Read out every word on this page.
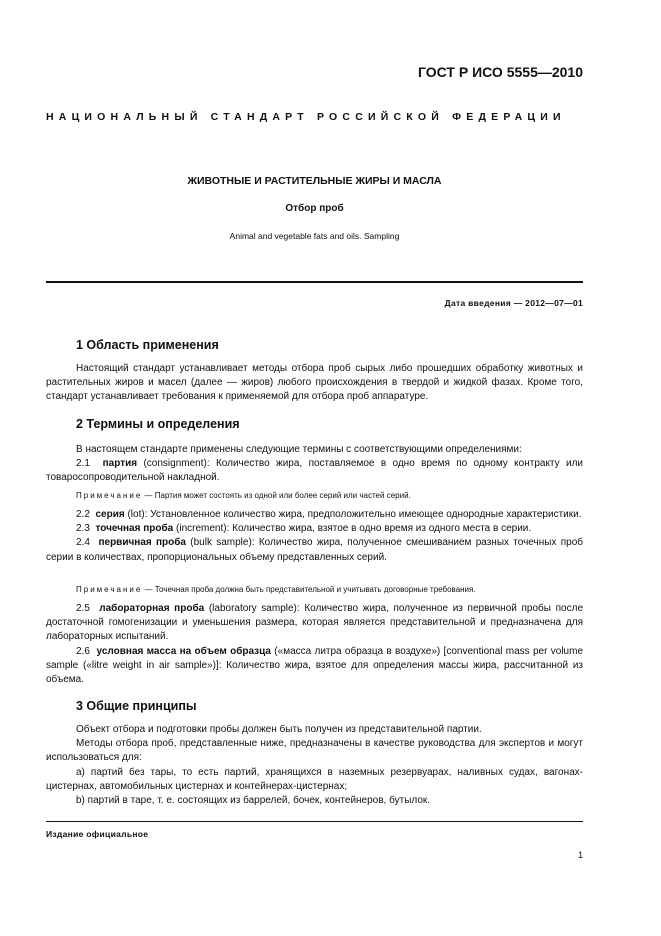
ГОСТ Р ИСО 5555—2010
НАЦИОНАЛЬНЫЙ СТАНДАРТ РОССИЙСКОЙ ФЕДЕРАЦИИ
ЖИВОТНЫЕ И РАСТИТЕЛЬНЫЕ ЖИРЫ И МАСЛА
Отбор проб
Animal and vegetable fats and oils. Sampling
Дата введения — 2012—07—01
1 Область применения

Настоящий стандарт устанавливает методы отбора проб сырых либо прошедших обработку животных и растительных жиров и масел (далее — жиров) любого происхождения в твердой и жидкой фазах. Кроме того, стандарт устанавливает требования к применяемой для отбора проб аппаратуре.

2 Термины и определения

В настоящем стандарте применены следующие термины с соответствующими определениями:

2.1 партия (consignment): Количество жира, поставляемое в одно время по одному контракту или товаросопроводительной накладной.

Примечание — Партия может состоять из одной или более серий или частей серий.

2.2 серия (lot): Установленное количество жира, предположительно имеющее однородные характеристики.

2.3 точечная проба (increment): Количество жира, взятое в одно время из одного места в серии.

2.4 первичная проба (bulk sample): Количество жира, полученное смешиванием разных точечных проб серии в количествах, пропорциональных объему представленных серий.

Примечание — Точечная проба должна быть представительной и учитывать договорные требования.

2.5 лабораторная проба (laboratory sample): Количество жира, полученное из первичной пробы после достаточной гомогенизации и уменьшения размера, которая является представительной и предназначена для лабораторных испытаний.

2.6 условная масса на объем образца («масса литра образца в воздухе») [conventional mass per volume sample («litre weight in air sample»)]: Количество жира, взятое для определения массы жира, рассчитанной из объема.

3 Общие принципы

Объект отбора и подготовки пробы должен быть получен из представительной партии.

Методы отбора проб, представленные ниже, предназначены в качестве руководства для экспертов и могут использоваться для:

а) партий без тары, то есть партий, хранящихся в наземных резервуарах, наливных судах, вагонах-цистернах, автомобильных цистернах и контейнерах-цистернах;

b) партий в таре, т. е. состоящих из баррелей, бочек, контейнеров, бутылок.

Издание официальное
1
